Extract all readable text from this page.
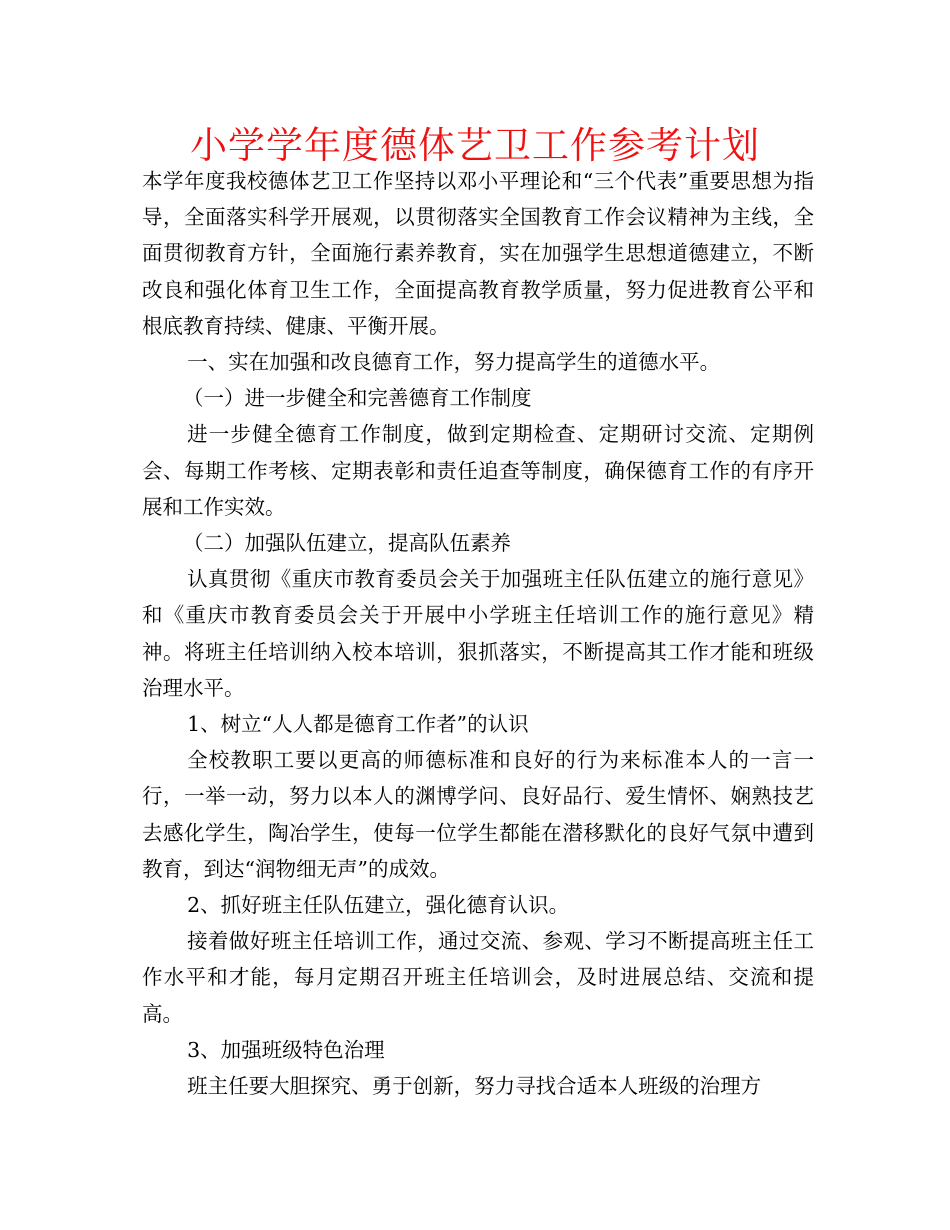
小学学年度德体艺卫工作参考计划

本学年度我校德体艺卫工作坚持以邓小平理论和“三个代表”重要思想为指导，全面落实科学开展观，以贯彻落实全国教育工作会议精神为主线，全面贯彻教育方针，全面施行素养教育，实在加强学生思想道德建立，不断改良和强化体育卫生工作，全面提高教育教学质量，努力促进教育公平和根底教育持续、健康、平衡开展。

一、实在加强和改良德育工作，努力提高学生的道德水平。

（一）进一步健全和完善德育工作制度

进一步健全德育工作制度，做到定期检查、定期研讨交流、定期例会、每期工作考核、定期表彰和责任追查等制度，确保德育工作的有序开展和工作实效。

（二）加强队伍建立，提高队伍素养

认真贯彻《重庆市教育委员会关于加强班主任队伍建立的施行意见》和《重庆市教育委员会关于开展中小学班主任培训工作的施行意见》精神。将班主任培训纳入校本培训，狠抓落实，不断提高其工作才能和班级治理水平。

1、树立“人人都是德育工作者”的认识

全校教职工要以更高的师德标准和良好的行为来标准本人的一言一行，一举一动，努力以本人的渊博学问、良好品行、爱生情怀、娴熟技艺去感化学生，陶冶学生，使每一位学生都能在潜移默化的良好气氛中遭到教育，到达“润物细无声”的成效。

2、抓好班主任队伍建立，强化德育认识。

接着做好班主任培训工作，通过交流、参观、学习不断提高班主任工作水平和才能，每月定期召开班主任培训会，及时进展总结、交流和提高。

3、加强班级特色治理

班主任要大胆探究、勇于创新，努力寻找合适本人班级的治理方
